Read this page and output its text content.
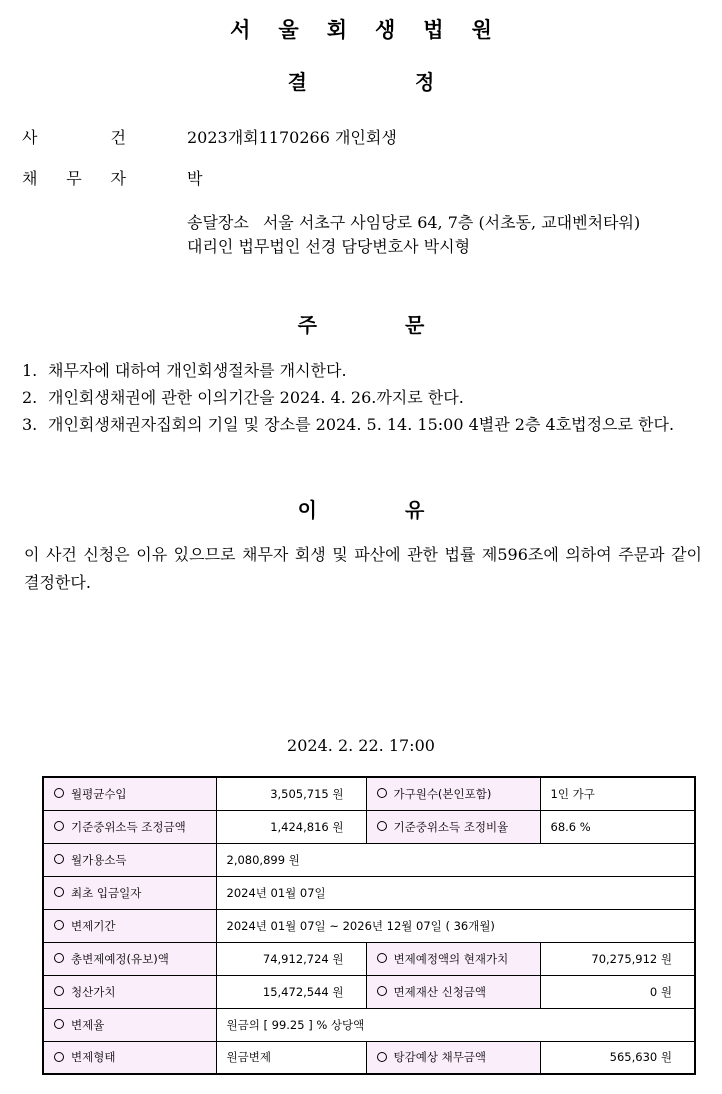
서울회생법원
결	정
사	건	2023개회1170266 개인회생
채 무 자	박
송달장소 서울 서초구 사임당로 64, 7층 (서초동, 교대벤처타워)
대리인 법무법인 선경 담당변호사 박시형
주	문
1. 채무자에 대하여 개인회생절차를 개시한다.
2. 개인회생채권에 관한 이의기간을 2024. 4. 26.까지로 한다.
3. 개인회생채권자집회의 기일 및 장소를 2024. 5. 14. 15:00 4별관 2층 4호법정으로 한다.
이	유
이 사건 신청은 이유 있으므로 채무자 회생 및 파산에 관한 법률 제596조에 의하여 주문과 같이 결정한다.
2024. 2. 22. 17:00
월평균수입	3,505,715 원	가구원수(본인포함)	1인 가구
기준중위소득 조정금액	1,424,816 원	기준중위소득 조정비율	68.6 %
월가용소득	2,080,899 원		
최초 입금일자	2024년 01월 07일		
변제기간	2024년 01월 07일 ~ 2026년 12월 07일 ( 36개월)		
총변제예정(유보)액	74,912,724 원	변제예정액의 현재가치	70,275,912 원
청산가치	15,472,544 원	면제재산 신청금액	0 원
변제율	원금의 [ 99.25 ] % 상당액		
변제형태	원금변제	탕감예상 채무금액	565,630 원
